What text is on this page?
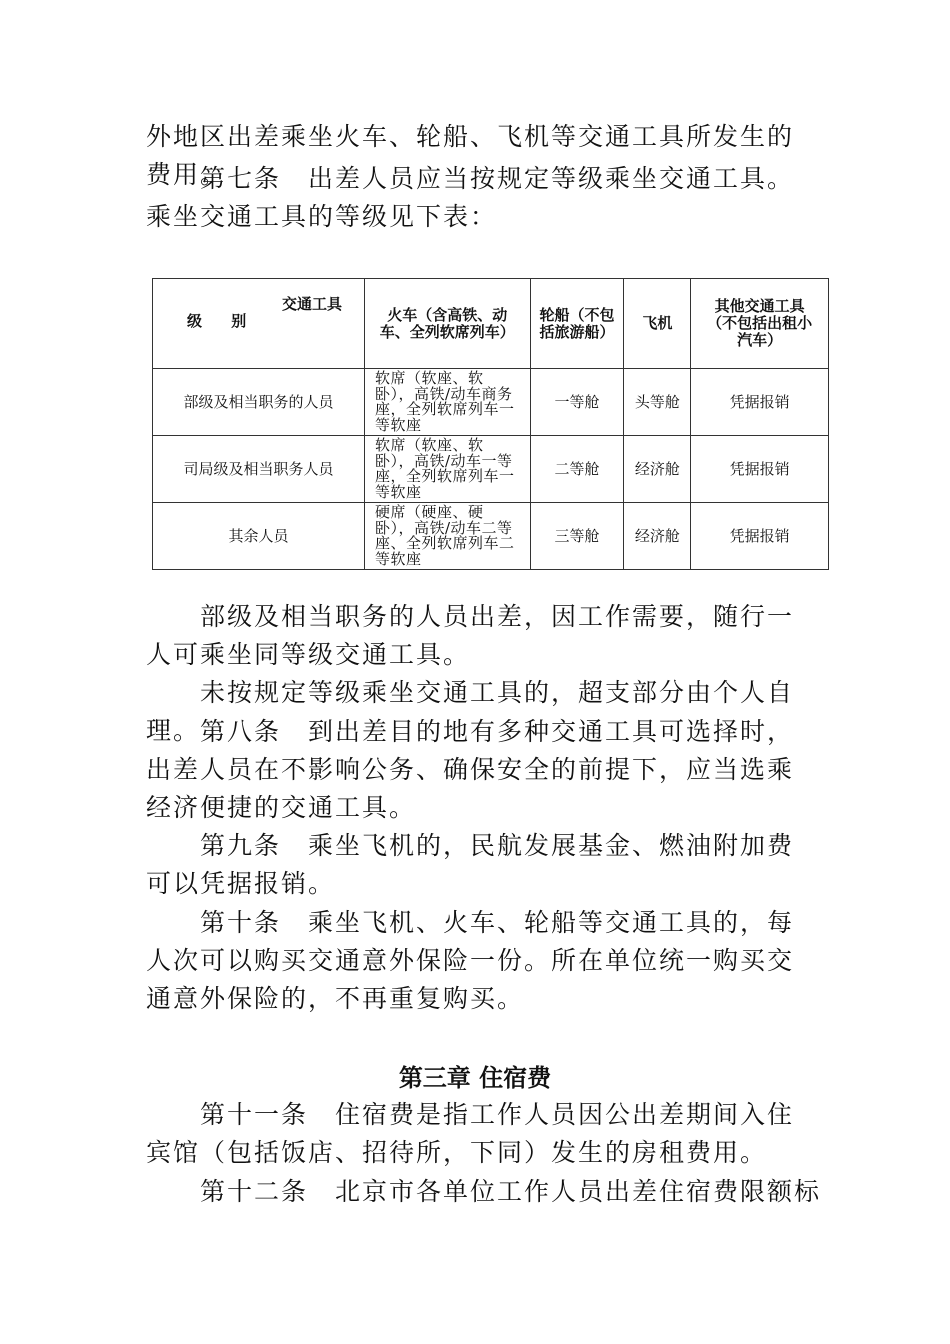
外地区出差乘坐火车、轮船、飞机等交通工具所发生的费用。

第七条　出差人员应当按规定等级乘坐交通工具。乘坐交通工具的等级见下表：

交通工具
级 别	火车（含高铁、动车、全列软席列车）	轮船（不包括旅游船）	飞机	其他交通工具（不包括出租小汽车）
部级及相当职务的人员	软席（软座、软卧），高铁/动车商务座，全列软席列车一等软座	一等舱	头等舱	凭据报销
司局级及相当职务人员	软席（软座、软卧），高铁/动车一等座，全列软席列车一等软座	二等舱	经济舱	凭据报销
其余人员	硬席（硬座、硬卧），高铁/动车二等座、全列软席列车二等软座	三等舱	经济舱	凭据报销

部级及相当职务的人员出差，因工作需要，随行一人可乘坐同等级交通工具。

未按规定等级乘坐交通工具的，超支部分由个人自理。 第八条　到出差目的地有多种交通工具可选择时，出差人员在不影响公务、确保安全的前提下，应当选乘经济便捷的交通工具。

第九条　乘坐飞机的，民航发展基金、燃油附加费可以凭据报销。

第十条　乘坐飞机、火车、轮船等交通工具的，每人次可以购买交通意外保险一份。所在单位统一购买交通意外保险的，不再重复购买。

第三章 住宿费

第十一条　住宿费是指工作人员因公出差期间入住宾馆（包括饭店、招待所，下同）发生的房租费用。

第十二条　北京市各单位工作人员出差住宿费限额标
